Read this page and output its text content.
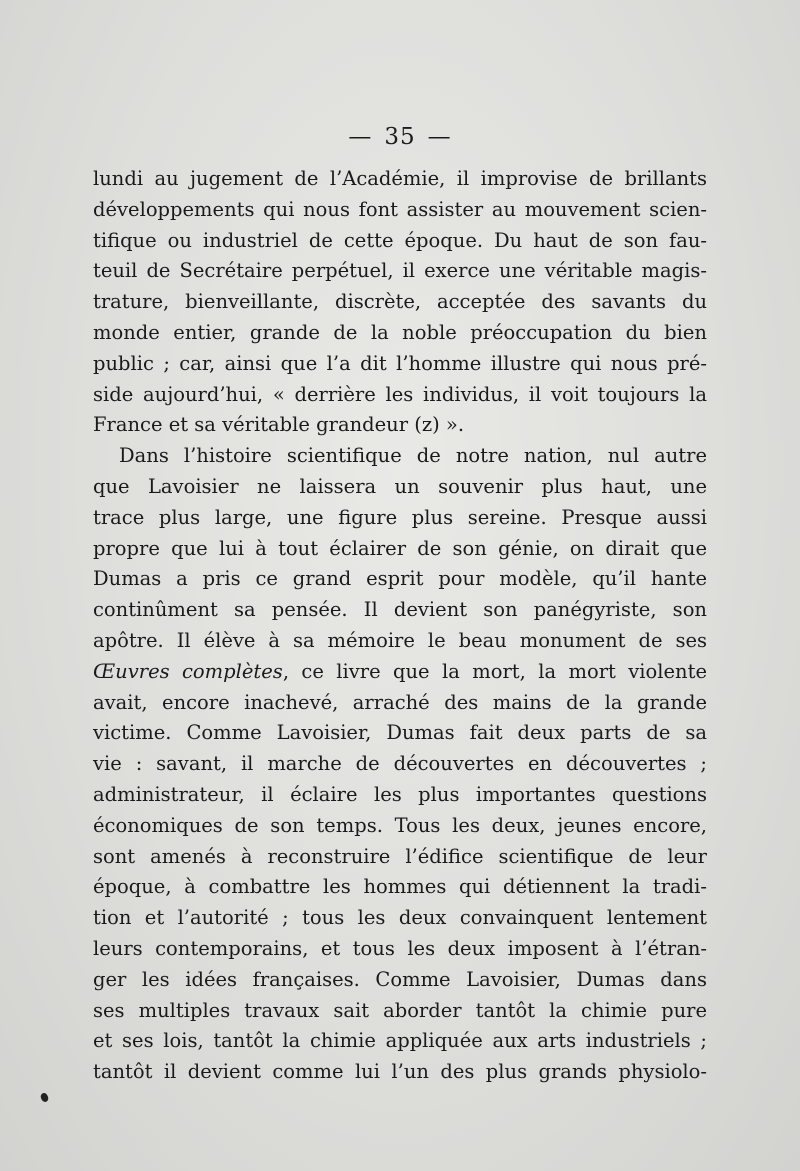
— 35 —
lundi au jugement de l’Académie, il improvise de brillants
développements qui nous font assister au mouvement scien-
tifique ou industriel de cette époque. Du haut de son fau-
teuil de Secrétaire perpétuel, il exerce une véritable magis-
trature, bienveillante, discrète, acceptée des savants du
monde entier, grande de la noble préoccupation du bien
public ; car, ainsi que l’a dit l’homme illustre qui nous pré-
side aujourd’hui, « derrière les individus, il voit toujours la
France et sa véritable grandeur (z) ».
Dans l’histoire scientifique de notre nation, nul autre
que Lavoisier ne laissera un souvenir plus haut, une
trace plus large, une figure plus sereine. Presque aussi
propre que lui à tout éclairer de son génie, on dirait que
Dumas a pris ce grand esprit pour modèle, qu’il hante
continûment sa pensée. Il devient son panégyriste, son
apôtre. Il élève à sa mémoire le beau monument de ses
Œuvres complètes, ce livre que la mort, la mort violente
avait, encore inachevé, arraché des mains de la grande
victime. Comme Lavoisier, Dumas fait deux parts de sa
vie : savant, il marche de découvertes en découvertes ;
administrateur, il éclaire les plus importantes questions
économiques de son temps. Tous les deux, jeunes encore,
sont amenés à reconstruire l’édifice scientifique de leur
époque, à combattre les hommes qui détiennent la tradi-
tion et l’autorité ; tous les deux convainquent lentement
leurs contemporains, et tous les deux imposent à l’étran-
ger les idées françaises. Comme Lavoisier, Dumas dans
ses multiples travaux sait aborder tantôt la chimie pure
et ses lois, tantôt la chimie appliquée aux arts industriels ;
tantôt il devient comme lui l’un des plus grands physiolo-
